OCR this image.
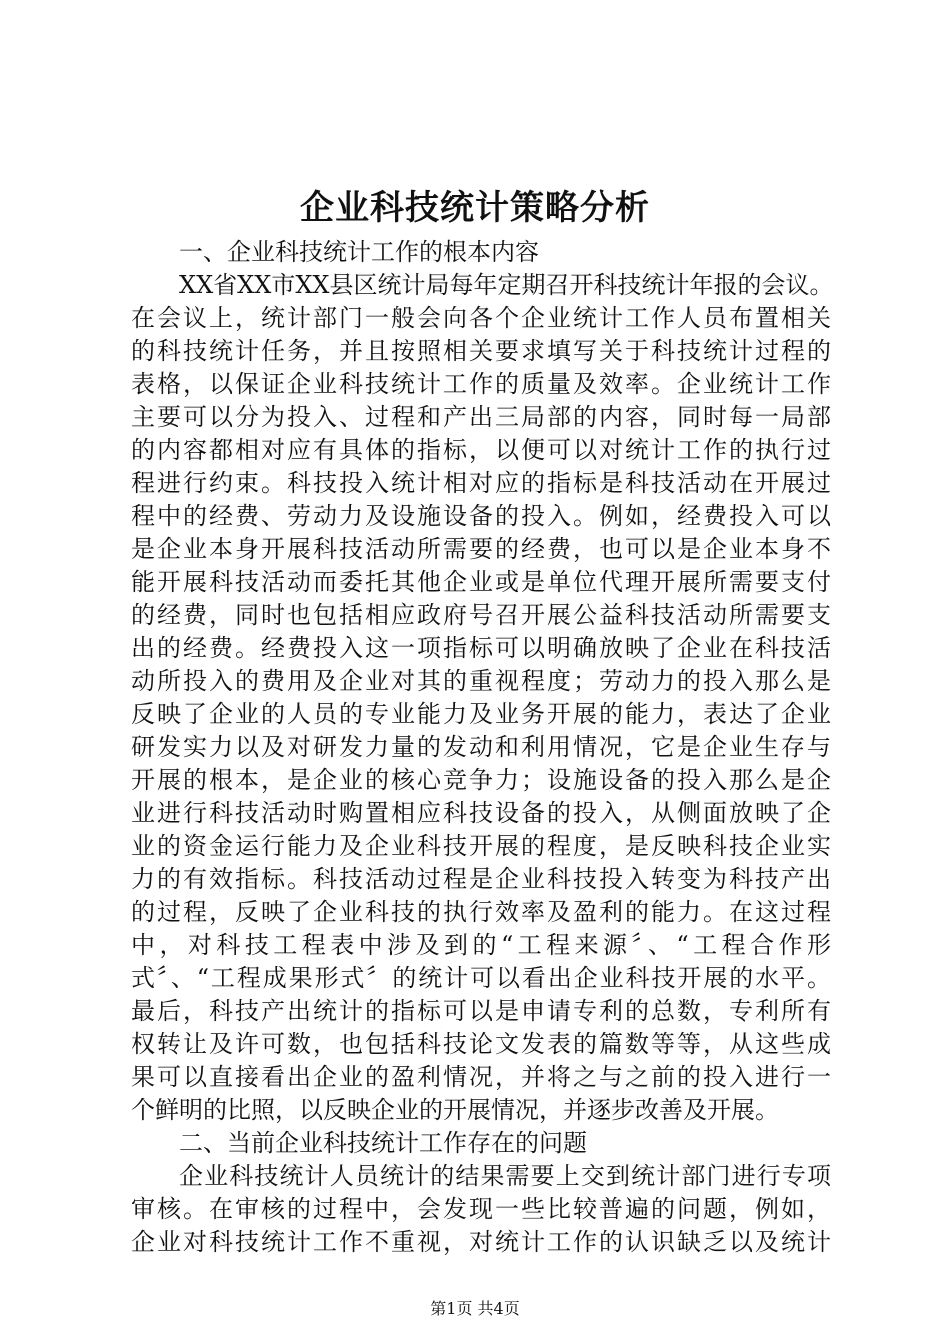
企业科技统计策略分析
一、企业科技统计工作的根本内容
XX省XX市XX县区统计局每年定期召开科技统计年报的会议。
在会议上，统计部门一般会向各个企业统计工作人员布置相关
的科技统计任务，并且按照相关要求填写关于科技统计过程的
表格，以保证企业科技统计工作的质量及效率。企业统计工作
主要可以分为投入、过程和产出三局部的内容，同时每一局部
的内容都相对应有具体的指标，以便可以对统计工作的执行过
程进行约束。科技投入统计相对应的指标是科技活动在开展过
程中的经费、劳动力及设施设备的投入。例如，经费投入可以
是企业本身开展科技活动所需要的经费，也可以是企业本身不
能开展科技活动而委托其他企业或是单位代理开展所需要支付
的经费，同时也包括相应政府号召开展公益科技活动所需要支
出的经费。经费投入这一项指标可以明确放映了企业在科技活
动所投入的费用及企业对其的重视程度；劳动力的投入那么是
反映了企业的人员的专业能力及业务开展的能力，表达了企业
研发实力以及对研发力量的发动和利用情况，它是企业生存与
开展的根本，是企业的核心竞争力；设施设备的投入那么是企
业进行科技活动时购置相应科技设备的投入，从侧面放映了企
业的资金运行能力及企业科技开展的程度，是反映科技企业实
力的有效指标。科技活动过程是企业科技投入转变为科技产出
的过程，反映了企业科技的执行效率及盈利的能力。在这过程
中，对科技工程表中涉及到的“工程来源〞、“工程合作形
式〞、“工程成果形式〞的统计可以看出企业科技开展的水平。
最后，科技产出统计的指标可以是申请专利的总数，专利所有
权转让及许可数，也包括科技论文发表的篇数等等，从这些成
果可以直接看出企业的盈利情况，并将之与之前的投入进行一
个鲜明的比照，以反映企业的开展情况，并逐步改善及开展。
二、当前企业科技统计工作存在的问题
企业科技统计人员统计的结果需要上交到统计部门进行专项
审核。在审核的过程中，会发现一些比较普遍的问题，例如，
企业对科技统计工作不重视，对统计工作的认识缺乏以及统计
第1页 共4页
